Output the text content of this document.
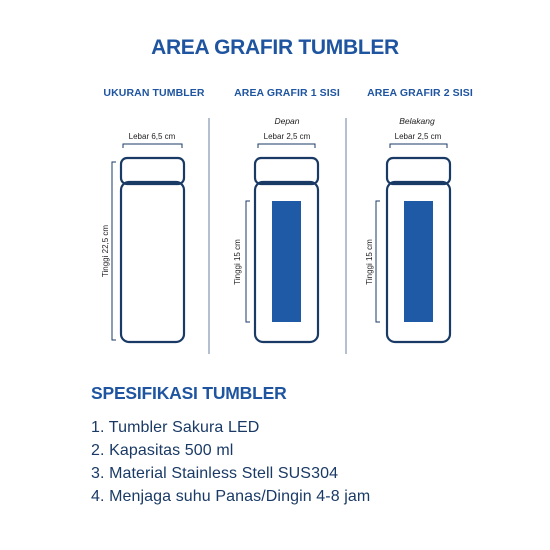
AREA GRAFIR TUMBLER
UKURAN TUMBLER	AREA GRAFIR 1 SISI	AREA GRAFIR 2 SISI
Depan	Belakang
Lebar 6,5 cm
Tinggi 22,5 cm
Lebar 2,5 cm
Tinggi 15 cm
Lebar 2,5 cm
Tinggi 15 cm
SPESIFIKASI TUMBLER
1. Tumbler Sakura LED
2. Kapasitas 500 ml
3. Material Stainless Stell SUS304
4. Menjaga suhu Panas/Dingin 4-8 jam
